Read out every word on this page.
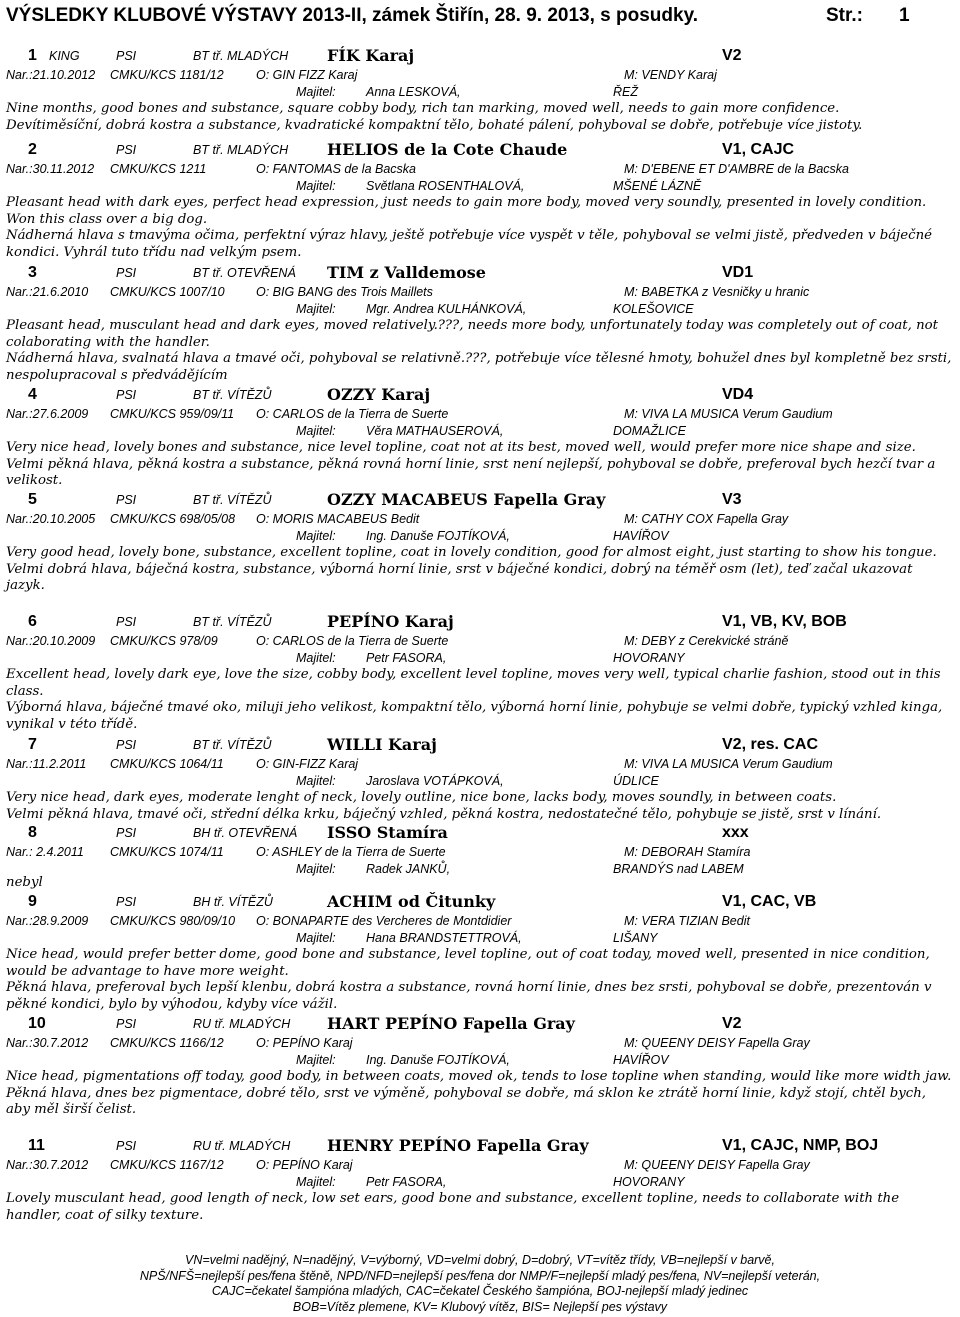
VÝSLEDKY KLUBOVÉ VÝSTAVY 2013-II, zámek Štiřín, 28. 9. 2013, s posudky.	Str.: 1
1 KING	PSI	BT tř. MLADÝCH FÍK Karaj	V2
Nar.:21.10.2012 CMKU/KCS 1181/12	O: GIN FIZZ Karaj	M: VENDY Karaj
Majitel: Anna LESKOVÁ,	ŘEŽ

Nine months, good bones and substance, square cobby body, rich tan marking, moved well, needs to gain more confidence.

Devítiměsíční, dobrá kostra a substance, kvadratické kompaktní tělo, bohaté pálení, pohyboval se dobře, potřebuje více jistoty.

2	PSI	BT tř. MLADÝCH HELIOS de la Cote Chaude	V1, CAJC
Nar.:30.11.2012 CMKU/KCS 1211	O: FANTOMAS de la Bacska	M: D'EBENE ET D'AMBRE de la Bacska
Majitel: Světlana ROSENTHALOVÁ,	MŠENÉ LÁZNĚ

Pleasant head with dark eyes, perfect head expression, just needs to gain more body, moved very soundly, presented in lovely condition. Won this class over a big dog.

Nádherná hlava s tmavýma očima, perfektní výraz hlavy, ještě potřebuje více vyspět v těle, pohyboval se velmi jistě, předveden v báječné kondici. Vyhrál tuto třídu nad velkým psem.

3	PSI	BT tř. OTEVŘENÁ TIM z Valldemose	VD1
Nar.:21.6.2010 CMKU/KCS 1007/10	O: BIG BANG des Trois Maillets	M: BABETKA z Vesničky u hranic
Majitel: Mgr. Andrea KULHÁNKOVÁ,	KOLEŠOVICE

Pleasant head, musculant head and dark eyes, moved relatively.???, needs more body, unfortunately today was completely out of coat, not colaborating with the handler.

Nádherná hlava, svalnatá hlava a tmavé oči, pohyboval se relativně.???, potřebuje více tělesné hmoty, bohužel dnes byl kompletně bez srsti, nespolupracoval s předvádějícím

4	PSI	BT tř. VÍTĚZŮ	OZZY Karaj	VD4
Nar.:27.6.2009 CMKU/KCS 959/09/11 O: CARLOS de la Tierra de Suerte	M: VIVA LA MUSICA Verum Gaudium
Majitel: Věra MATHAUSEROVÁ,	DOMAŽLICE

Very nice head, lovely bones and substance, nice level topline, coat not at its best, moved well, would prefer more nice shape and size.

Velmi pěkná hlava, pěkná kostra a substance, pěkná rovná horní linie, srst není nejlepší, pohyboval se dobře, preferoval bych hezčí tvar a velikost.

5	PSI	BT tř. VÍTĚZŮ	OZZY MACABEUS Fapella Gray	V3
Nar.:20.10.2005 CMKU/KCS 698/05/08 O: MORIS MACABEUS Bedit	M: CATHY COX Fapella Gray
Majitel: Ing. Danuše FOJTÍKOVÁ,	HAVÍŘOV

Very good head, lovely bone, substance, excellent topline, coat in lovely condition, good for almost eight, just starting to show his tongue.

Velmi dobrá hlava, báječná kostra, substance, výborná horní linie, srst v báječné kondici, dobrý na téměř osm (let), teď začal ukazovat jazyk.

6	PSI	BT tř. VÍTĚZŮ	PEPÍNO Karaj	V1, VB, KV, BOB
Nar.:20.10.2009 CMKU/KCS 978/09	O: CARLOS de la Tierra de Suerte	M: DEBY z Cerekvické stráně
Majitel: Petr FASORA,	HOVORANY

Excellent head, lovely dark eye, love the size, cobby body, excellent level topline, moves very well, typical charlie fashion, stood out in this class.

Výborná hlava, báječné tmavé oko, miluji jeho velikost, kompaktní tělo, výborná horní linie, pohybuje se velmi dobře, typický vzhled kinga, vynikal v této třídě.

7	PSI	BT tř. VÍTĚZŮ	WILLI Karaj	V2, res. CAC
Nar.:11.2.2011 CMKU/KCS 1064/11	O: GIN-FIZZ Karaj	M: VIVA LA MUSICA Verum Gaudium
Majitel: Jaroslava VOTÁPKOVÁ,	ÚDLICE

Very nice head, dark eyes, moderate lenght of neck, lovely outline, nice bone, lacks body, moves soundly, in between coats.

Velmi pěkná hlava, tmavé oči, střední délka krku, báječný vzhled, pěkná kostra, nedostatečné tělo, pohybuje se jistě, srst v línání.

8	PSI	BH tř. OTEVŘENÁ ISSO Stamíra	xxx
Nar.: 2.4.2011 CMKU/KCS 1074/11	O: ASHLEY de la Tierra de Suerte	M: DEBORAH Stamíra
Majitel: Radek JANKŮ,	BRANDÝS nad LABEM
9	PSI	BH tř. VÍTĚZŮ	ACHIM od Čitunky	V1, CAC, VB
Nar.:28.9.2009 CMKU/KCS 980/09/10 O: BONAPARTE des Vercheres de Montdidier	M: VERA TIZIAN Bedit
Majitel: Hana BRANDSTETTROVÁ,	LIŠANY

Nice head, would prefer better dome, good bone and substance, level topline, out of coat today, moved well, presented in nice condition, would be advantage to have more weight.

Pěkná hlava, preferoval bych lepší klenbu, dobrá kostra a substance, rovná horní linie, dnes bez srsti, pohyboval se dobře, prezentován v pěkné kondici, bylo by výhodou, kdyby více vážil.

10	PSI	RU tř. MLADÝCH HART PEPÍNO Fapella Gray	V2
Nar.:30.7.2012 CMKU/KCS 1166/12	O: PEPÍNO Karaj	M: QUEENY DEISY Fapella Gray
Majitel: Ing. Danuše FOJTÍKOVÁ,	HAVÍŘOV

Nice head, pigmentations off today, good body, in between coats, moved ok, tends to lose topline when standing, would like more width jaw.

Pěkná hlava, dnes bez pigmentace, dobré tělo, srst ve výměně, pohyboval se dobře, má sklon ke ztrátě horní linie, když stojí, chtěl bych, aby měl širší čelist.

11	PSI	RU tř. MLADÝCH HENRY PEPÍNO Fapella Gray	V1, CAJC, NMP, BOJ
Nar.:30.7.2012 CMKU/KCS 1167/12	O: PEPÍNO Karaj	M: QUEENY DEISY Fapella Gray
Majitel: Petr FASORA,	HOVORANY

Lovely musculant head, good length of neck, low set ears, good bone and substance, excellent topline, needs to collaborate with the handler, coat of silky texture.

nebyl
VN=velmi nadějný, N=nadějný, V=výborný, VD=velmi dobrý, D=dobrý, VT=vítěz třídy, VB=nejlepší v barvě,
NPŠ/NFŠ=nejlepší pes/fena štěně, NPD/NFD=nejlepší pes/fena dor NMP/F=nejlepší mladý pes/fena, NV=nejlepší veterán,
CAJC=čekatel šampióna mladých, CAC=čekatel Českého šampióna, BOJ-nejlepší mladý jedinec
BOB=Vítěz plemene, KV= Klubový vítěz, BIS= Nejlepší pes výstavy
